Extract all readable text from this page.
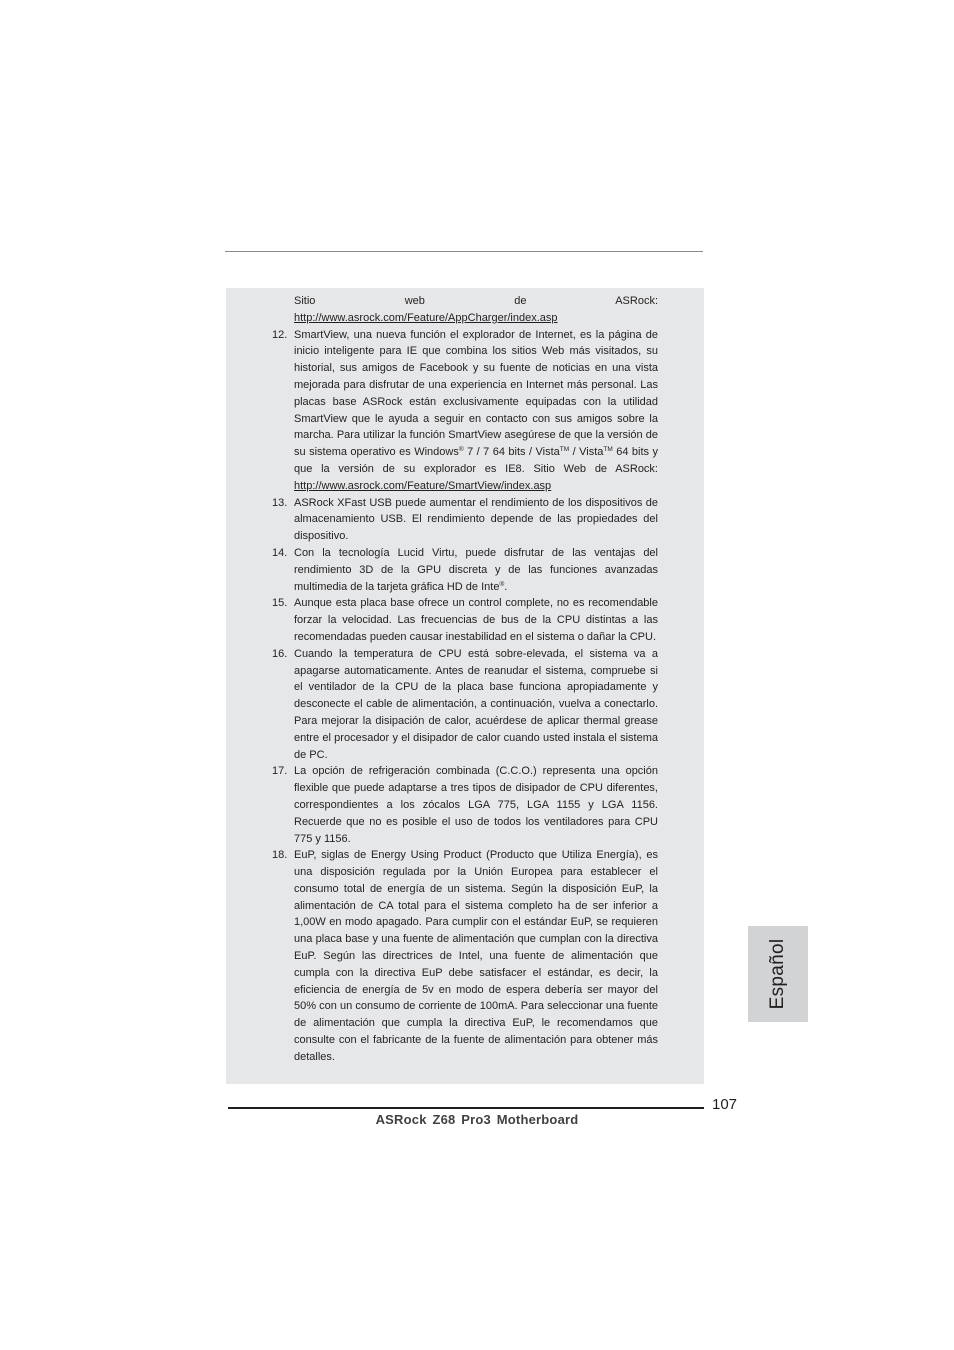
Sitio web de ASRock: http://www.asrock.com/Feature/AppCharger/index.asp
12. SmartView, una nueva función el explorador de Internet, es la página de inicio inteligente para IE que combina los sitios Web más visitados, su historial, sus amigos de Facebook y su fuente de noticias en una vista mejorada para disfrutar de una experiencia en Internet más personal. Las placas base ASRock están exclusivamente equipadas con la utilidad SmartView que le ayuda a seguir en contacto con sus amigos sobre la marcha. Para utilizar la función SmartView asegúrese de que la versión de su sistema operativo es Windows® 7 / 7 64 bits / Vista™ / Vista™ 64 bits y que la versión de su explorador es IE8. Sitio Web de ASRock: http://www.asrock.com/Feature/SmartView/index.asp
13. ASRock XFast USB puede aumentar el rendimiento de los dispositivos de almacenamiento USB. El rendimiento depende de las propiedades del dispositivo.
14. Con la tecnología Lucid Virtu, puede disfrutar de las ventajas del rendimiento 3D de la GPU discreta y de las funciones avanzadas multimedia de la tarjeta gráfica HD de Inte®.
15. Aunque esta placa base ofrece un control complete, no es recomendable forzar la velocidad. Las frecuencias de bus de la CPU distintas a las recomendadas pueden causar inestabilidad en el sistema o dañar la CPU.
16. Cuando la temperatura de CPU está sobre-elevada, el sistema va a apagarse automaticamente. Antes de reanudar el sistema, compruebe si el ventilador de la CPU de la placa base funciona apropiadamente y desconecte el cable de alimentación, a continuación, vuelva a conectarlo. Para mejorar la disipación de calor, acuérdese de aplicar thermal grease entre el procesador y el disipador de calor cuando usted instala el sistema de PC.
17. La opción de refrigeración combinada (C.C.O.) representa una opción flexible que puede adaptarse a tres tipos de disipador de CPU diferentes, correspondientes a los zócalos LGA 775, LGA 1155 y LGA 1156. Recuerde que no es posible el uso de todos los ventiladores para CPU 775 y 1156.
18. EuP, siglas de Energy Using Product (Producto que Utiliza Energía), es una disposición regulada por la Unión Europea para establecer el consumo total de energía de un sistema. Según la disposición EuP, la alimentación de CA total para el sistema completo ha de ser inferior a 1,00W en modo apagado. Para cumplir con el estándar EuP, se requieren una placa base y una fuente de alimentación que cumplan con la directiva EuP. Según las directrices de Intel, una fuente de alimentación que cumpla con la directiva EuP debe satisfacer el estándar, es decir, la eficiencia de energía de 5v en modo de espera debería ser mayor del 50% con un consumo de corriente de 100mA. Para seleccionar una fuente de alimentación que cumpla la directiva EuP, le recomendamos que consulte con el fabricante de la fuente de alimentación para obtener más detalles.
Español
107
ASRock Z68 Pro3 Motherboard
